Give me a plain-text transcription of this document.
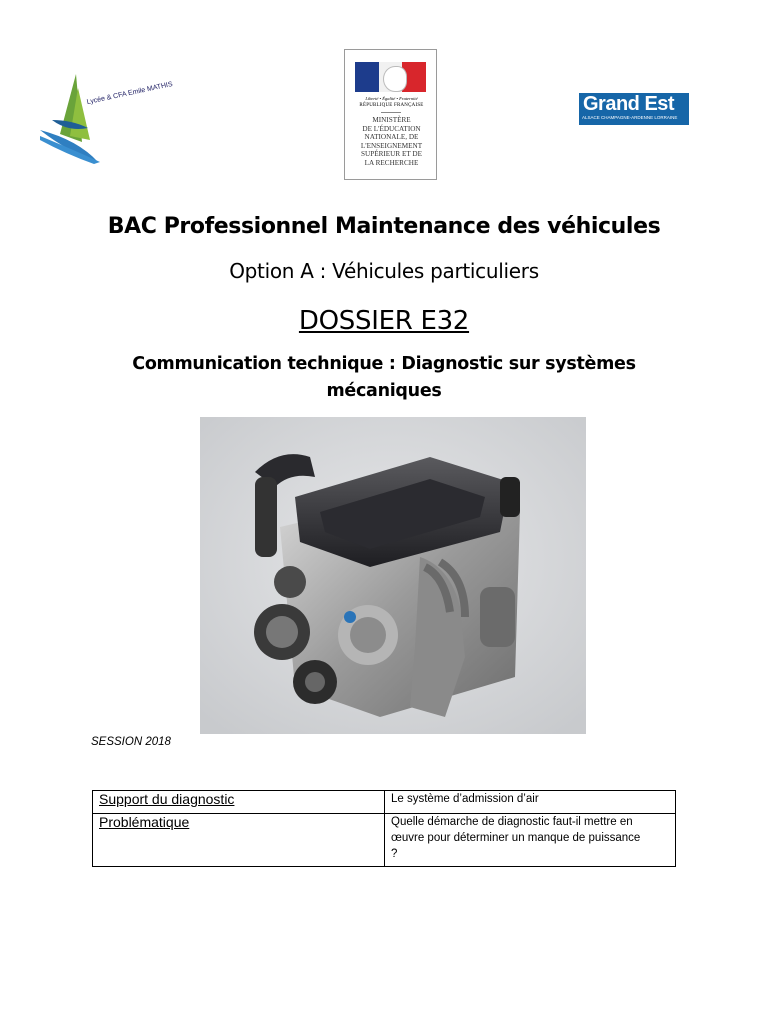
Lycée & CFA Emile MATHIS	Liberté • Égalité • Fraternité
RÉPUBLIQUE FRANÇAISE
MINISTÈRE
DE L'ÉDUCATION
NATIONALE, DE
L'ENSEIGNEMENT
SUPÉRIEUR ET DE
LA RECHERCHE
Grand Est
ALSACE CHAMPAGNE-ARDENNE LORRAINE
BAC Professionnel Maintenance des véhicules
Option A : Véhicules particuliers
DOSSIER E32
Communication technique : Diagnostic sur systèmes mécaniques
SESSION 2018
Support du diagnostic	Le système d’admission d’air
Problématique	Quelle démarche de diagnostic faut-il mettre en œuvre pour déterminer un manque de puissance ?
